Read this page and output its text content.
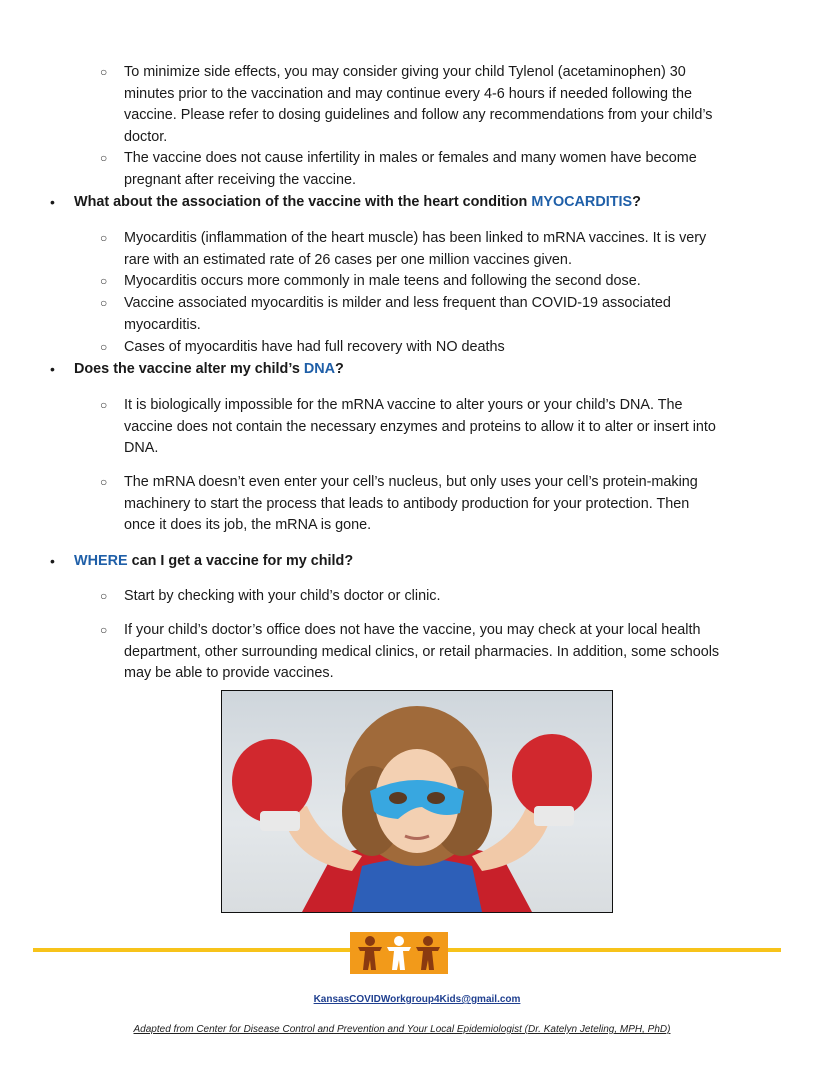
○ To minimize side effects, you may consider giving your child Tylenol (acetaminophen) 30
minutes prior to the vaccination and may continue every 4-6 hours if needed following the
vaccine. Please refer to dosing guidelines and follow any recommendations from your child’s
doctor.
○ The vaccine does not cause infertility in males or females and many women have become
pregnant after receiving the vaccine.
• What about the association of the vaccine with the heart condition MYOCARDITIS?
○ Myocarditis (inflammation of the heart muscle) has been linked to mRNA vaccines. It is very
rare with an estimated rate of 26 cases per one million vaccines given.
○ Myocarditis occurs more commonly in male teens and following the second dose.
○ Vaccine associated myocarditis is milder and less frequent than COVID-19 associated
myocarditis.
○ Cases of myocarditis have had full recovery with NO deaths
• Does the vaccine alter my child’s DNA?
○ It is biologically impossible for the mRNA vaccine to alter yours or your child’s DNA. The
vaccine does not contain the necessary enzymes and proteins to allow it to alter or insert into
DNA.
○ The mRNA doesn’t even enter your cell’s nucleus, but only uses your cell’s protein-making
machinery to start the process that leads to antibody production for your protection. Then
once it does its job, the mRNA is gone.
• WHERE can I get a vaccine for my child?
○ Start by checking with your child’s doctor or clinic.
○ If your child’s doctor’s office does not have the vaccine, you may check at your local health
department, other surrounding medical clinics, or retail pharmacies. In addition, some schools
may be able to provide vaccines.
KansasCOVIDWorkgroup4Kids@gmail.com
Adapted from Center for Disease Control and Prevention and Your Local Epidemiologist (Dr. Katelyn Jeteling, MPH, PhD)
